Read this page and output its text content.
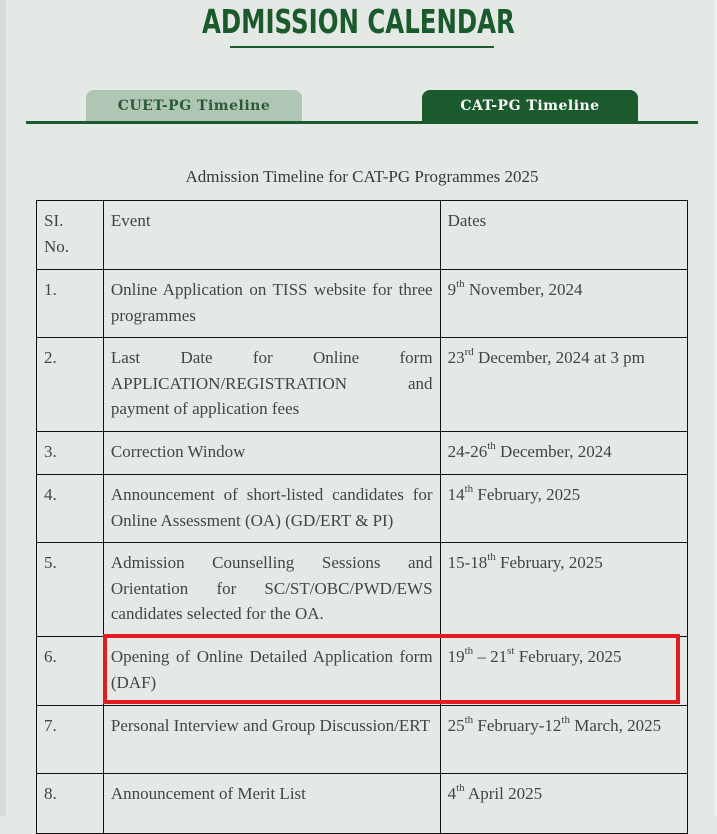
ADMISSION CALENDAR
CUET-PG Timeline	CAT-PG Timeline
Admission Timeline for CAT-PG Programmes 2025
SI.
No.	Event	Dates
1.	Online Application on TISS website for three programmes	9th November, 2024
2.	Last Date for Online form APPLICATION/REGISTRATION and payment of application fees	23rd December, 2024 at 3 pm
3.	Correction Window	24-26th December, 2024
4.	Announcement of short-listed candidates for Online Assessment (OA) (GD/ERT & PI)	14th February, 2025
5.	Admission Counselling Sessions and Orientation for SC/ST/OBC/PWD/EWS candidates selected for the OA.	15-18th February, 2025
6.	Opening of Online Detailed Application form (DAF)	19th – 21st February, 2025
7.	Personal Interview and Group Discussion/ERT	25th February-12th March, 2025
8.	Announcement of Merit List	4th April 2025
